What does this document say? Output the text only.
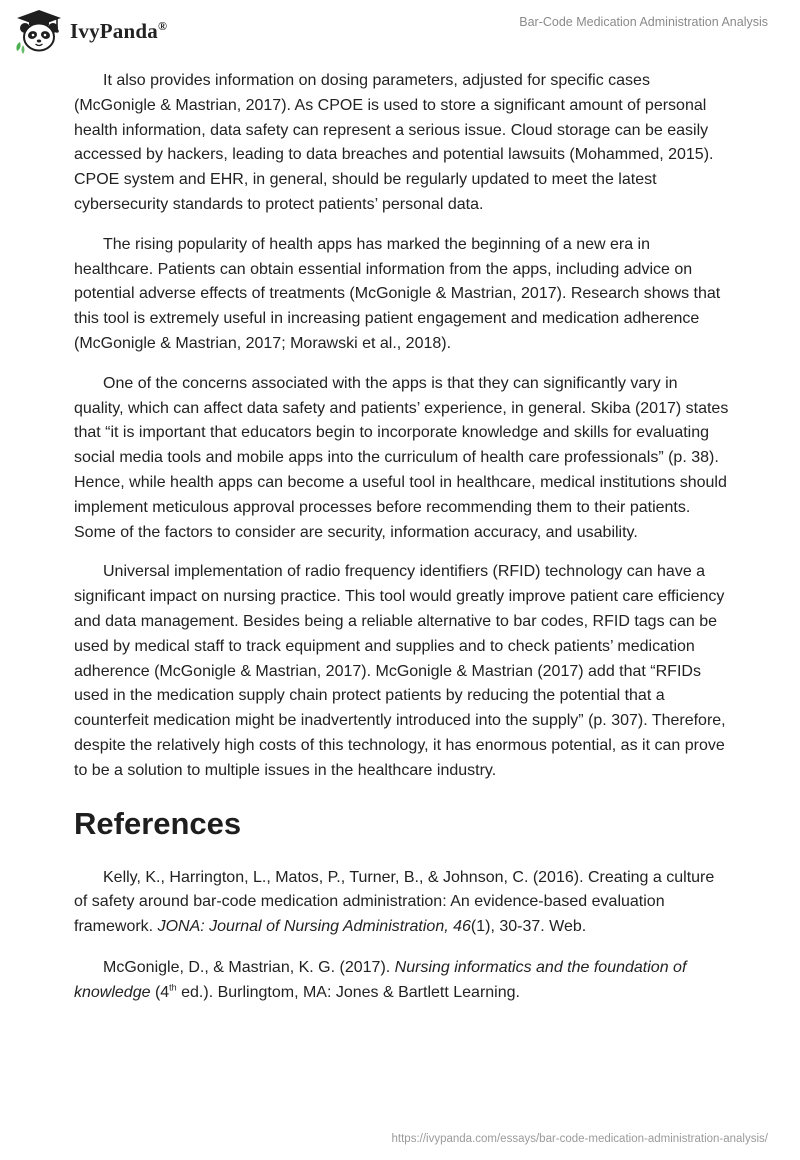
IvyPanda®	Bar-Code Medication Administration Analysis

It also provides information on dosing parameters, adjusted for specific cases (McGonigle & Mastrian, 2017). As CPOE is used to store a significant amount of personal health information, data safety can represent a serious issue. Cloud storage can be easily accessed by hackers, leading to data breaches and potential lawsuits (Mohammed, 2015). CPOE system and EHR, in general, should be regularly updated to meet the latest cybersecurity standards to protect patients’ personal data.

The rising popularity of health apps has marked the beginning of a new era in healthcare. Patients can obtain essential information from the apps, including advice on potential adverse effects of treatments (McGonigle & Mastrian, 2017). Research shows that this tool is extremely useful in increasing patient engagement and medication adherence (McGonigle & Mastrian, 2017; Morawski et al., 2018).

One of the concerns associated with the apps is that they can significantly vary in quality, which can affect data safety and patients’ experience, in general. Skiba (2017) states that “it is important that educators begin to incorporate knowledge and skills for evaluating social media tools and mobile apps into the curriculum of health care professionals” (p. 38). Hence, while health apps can become a useful tool in healthcare, medical institutions should implement meticulous approval processes before recommending them to their patients. Some of the factors to consider are security, information accuracy, and usability.

Universal implementation of radio frequency identifiers (RFID) technology can have a significant impact on nursing practice. This tool would greatly improve patient care efficiency and data management. Besides being a reliable alternative to bar codes, RFID tags can be used by medical staff to track equipment and supplies and to check patients’ medication adherence (McGonigle & Mastrian, 2017). McGonigle & Mastrian (2017) add that “RFIDs used in the medication supply chain protect patients by reducing the potential that a counterfeit medication might be inadvertently introduced into the supply” (p. 307). Therefore, despite the relatively high costs of this technology, it has enormous potential, as it can prove to be a solution to multiple issues in the healthcare industry.

References

Kelly, K., Harrington, L., Matos, P., Turner, B., & Johnson, C. (2016). Creating a culture of safety around bar-code medication administration: An evidence-based evaluation framework. JONA: Journal of Nursing Administration, 46(1), 30-37. Web.

McGonigle, D., & Mastrian, K. G. (2017). Nursing informatics and the foundation of knowledge (4th ed.). Burlingtom, MA: Jones & Bartlett Learning.

https://ivypanda.com/essays/bar-code-medication-administration-analysis/
